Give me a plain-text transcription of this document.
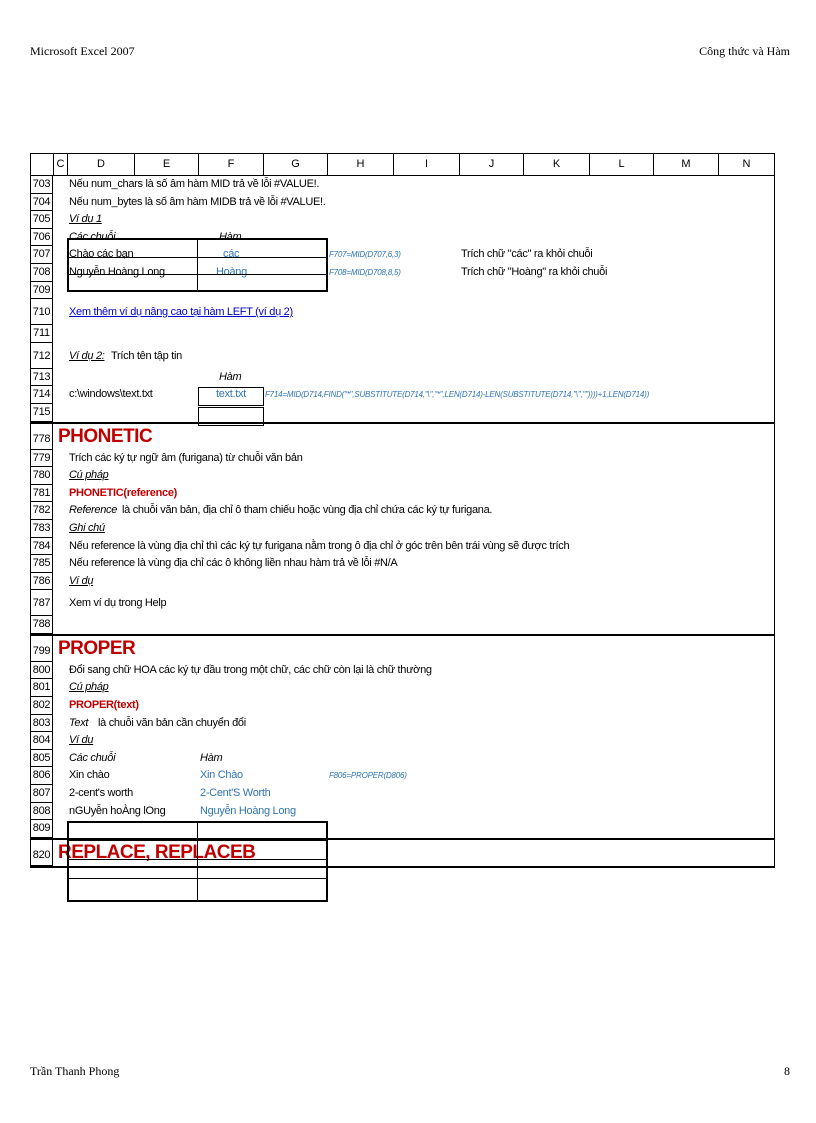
Microsoft Excel 2007	Công thức và Hàm
C	D	E	F	G	H	I	J	K	L	M	N
703 Nếu num_chars là số âm hàm MID trả về lỗi #VALUE!.
704 Nếu num_bytes là số âm hàm MIDB trả về lỗi #VALUE!.
705 Ví dụ 1
706 Các chuỗi	Hàm
707 Chào các bạn	các	F707=MID(D707,6,3)	Trích chữ "các" ra khỏi chuỗi
708 Nguyễn Hoàng Long	Hoàng	F708=MID(D708,8,5)	Trích chữ "Hoàng" ra khỏi chuỗi
709
710 Xem thêm ví dụ nâng cao tại hàm LEFT (ví dụ 2)
711
712 Ví dụ 2: Trích tên tập tin
713	Hàm
714 c:\windows\text.txt	text.txt F714=MID(D714,FIND("*",SUBSTITUTE(D714,"\","*",LEN(D714)-LEN(SUBSTITUTE(D714,"\",""))))+1,LEN(D714))
715
778 PHONETIC
779 Trích các ký tự ngữ âm (furigana) từ chuỗi văn bản
780 Cú pháp
781 PHONETIC(reference)
782 Reference là chuỗi văn bản, địa chỉ ô tham chiếu hoặc vùng địa chỉ chứa các ký tự furigana.
783 Ghi chú
784 Nếu reference là vùng địa chỉ thì các ký tự furigana nằm trong ô địa chỉ ở góc trên bên trái vùng sẽ được trích
785 Nếu reference là vùng địa chỉ các ô không liền nhau hàm trả về lỗi #N/A
786 Ví dụ
787 Xem ví dụ trong Help
788
799 PROPER
800 Đổi sang chữ HOA các ký tự đầu trong một chữ, các chữ còn lại là chữ thường
801 Cú pháp
802 PROPER(text)
803 Text là chuỗi văn bản cần chuyển đổi
804 Ví dụ
805 Các chuỗi	Hàm
806 Xin chào	Xin Chào	F806=PROPER(D806)
807 2-cent's worth	2-Cent'S Worth
808 nGUyễn hoÀng lOng	Nguyễn Hoàng Long
809
820 REPLACE, REPLACEB
Trần Thanh Phong	8
